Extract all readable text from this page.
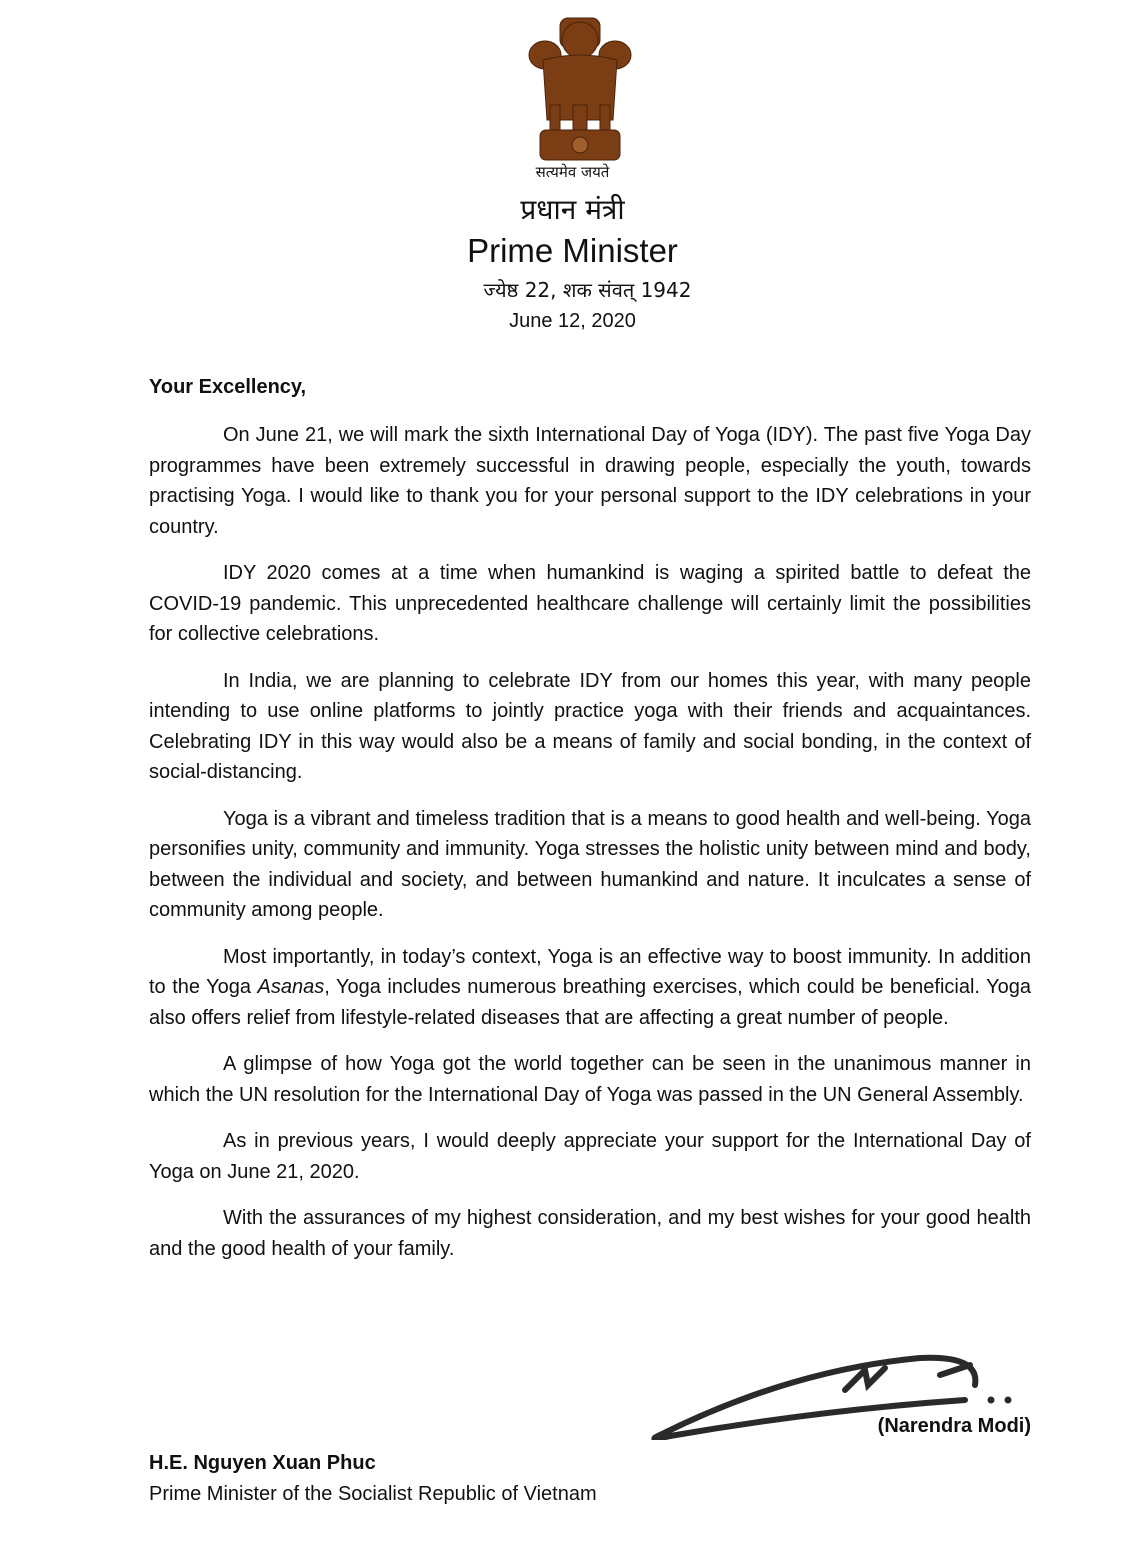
सत्यमेव जयते
प्रधान मंत्री
Prime Minister
ज्येष्ठ 22, शक संवत् 1942
June 12, 2020
Your Excellency,

On June 21, we will mark the sixth International Day of Yoga (IDY). The past five Yoga Day programmes have been extremely successful in drawing people, especially the youth, towards practising Yoga. I would like to thank you for your personal support to the IDY celebrations in your country.

IDY 2020 comes at a time when humankind is waging a spirited battle to defeat the COVID-19 pandemic. This unprecedented healthcare challenge will certainly limit the possibilities for collective celebrations.

In India, we are planning to celebrate IDY from our homes this year, with many people intending to use online platforms to jointly practice yoga with their friends and acquaintances. Celebrating IDY in this way would also be a means of family and social bonding, in the context of social-distancing.

Yoga is a vibrant and timeless tradition that is a means to good health and well-being. Yoga personifies unity, community and immunity. Yoga stresses the holistic unity between mind and body, between the individual and society, and between humankind and nature. It inculcates a sense of community among people.

Most importantly, in today’s context, Yoga is an effective way to boost immunity. In addition to the Yoga Asanas, Yoga includes numerous breathing exercises, which could be beneficial. Yoga also offers relief from lifestyle-related diseases that are affecting a great number of people.

A glimpse of how Yoga got the world together can be seen in the unanimous manner in which the UN resolution for the International Day of Yoga was passed in the UN General Assembly.

As in previous years, I would deeply appreciate your support for the International Day of Yoga on June 21, 2020.

With the assurances of my highest consideration, and my best wishes for your good health and the good health of your family.

(Narendra Modi)
H.E. Nguyen Xuan Phuc
Prime Minister of the Socialist Republic of Vietnam
